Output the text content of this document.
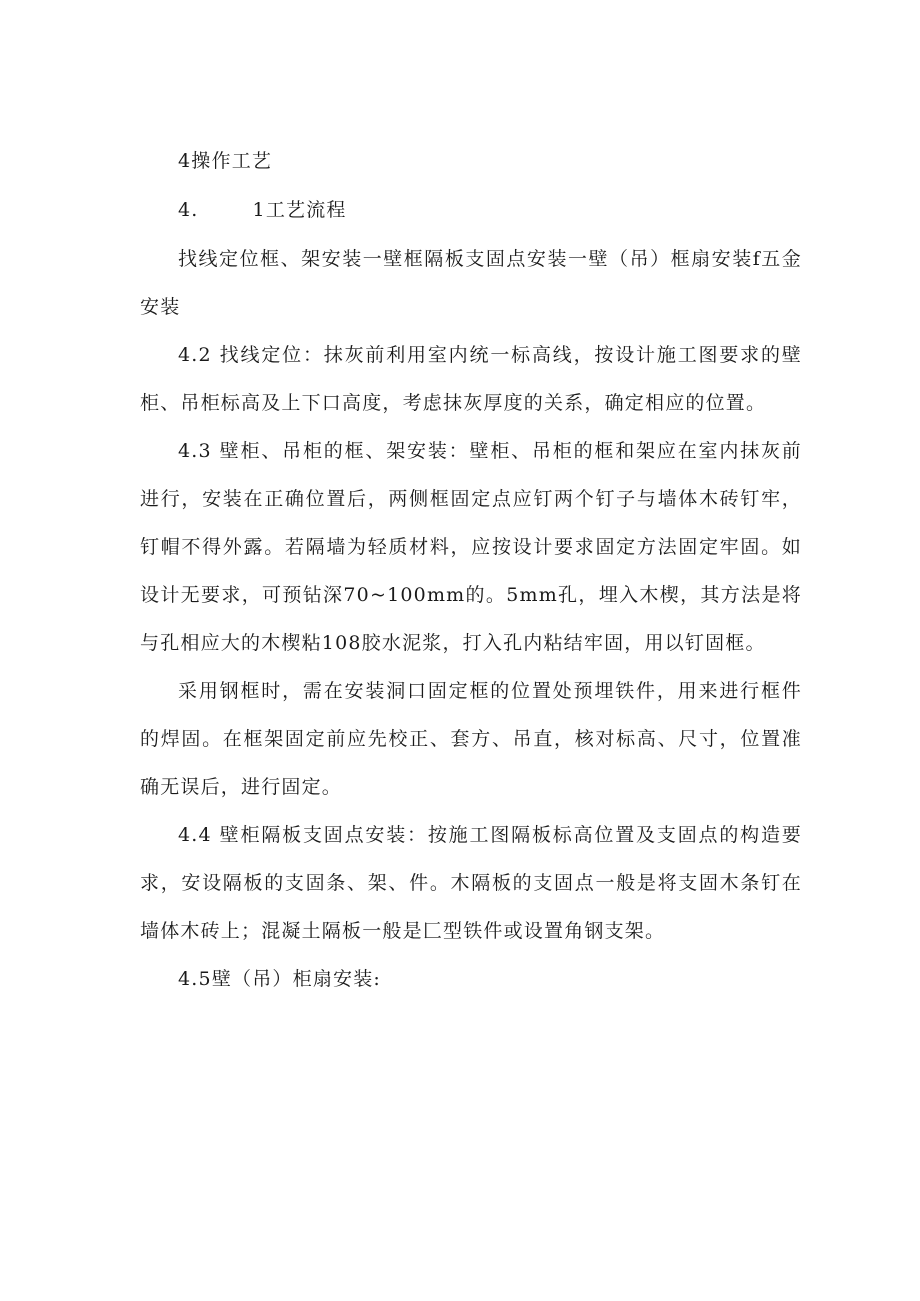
4操作工艺

4.	1工艺流程

找线定位框、架安装一壁框隔板支固点安装一壁（吊）框扇安装f五金安装

4.2 找线定位：抹灰前利用室内统一标高线，按设计施工图要求的壁柜、吊柜标高及上下口高度，考虑抹灰厚度的关系，确定相应的位置。

4.3 壁柜、吊柜的框、架安装：壁柜、吊柜的框和架应在室内抹灰前进行，安装在正确位置后，两侧框固定点应钉两个钉子与墙体木砖钉牢，钉帽不得外露。若隔墙为轻质材料，应按设计要求固定方法固定牢固。如设计无要求，可预钻深70~100mm的。5mm孔，埋入木楔，其方法是将与孔相应大的木楔粘108胶水泥浆，打入孔内粘结牢固，用以钉固框。

采用钢框时，需在安装洞口固定框的位置处预埋铁件，用来进行框件的焊固。在框架固定前应先校正、套方、吊直，核对标高、尺寸，位置准确无误后，进行固定。

4.4 壁柜隔板支固点安装：按施工图隔板标高位置及支固点的构造要求，安设隔板的支固条、架、件。木隔板的支固点一般是将支固木条钉在墙体木砖上；混凝土隔板一般是匚型铁件或设置角钢支架。

4.5壁（吊）柜扇安装:
